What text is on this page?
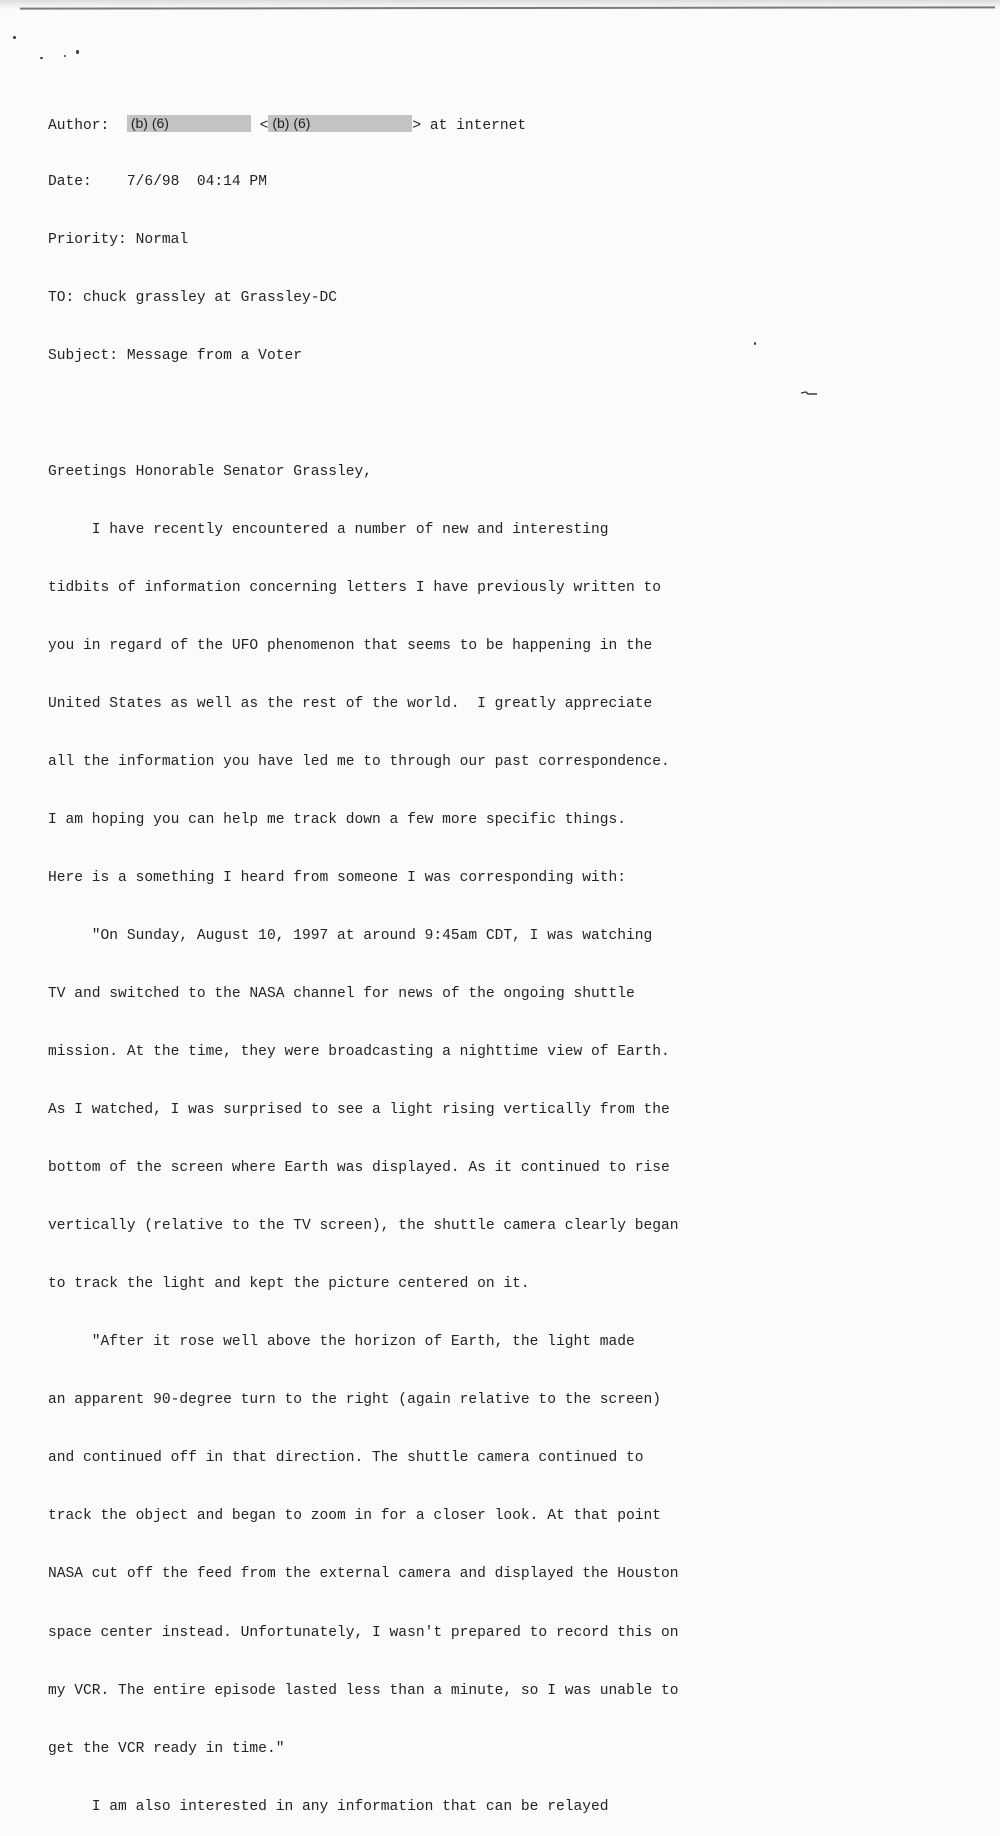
Author: (b) (6)	< (b) (6)	> at internet

Date: 7/6/98  04:14 PM

Priority: Normal

TO: chuck grassley at Grassley-DC

Subject: Message from a Voter

Greetings Honorable Senator Grassley,

I have recently encountered a number of new and interesting

tidbits of information concerning letters I have previously written to

you in regard of the UFO phenomenon that seems to be happening in the

United States as well as the rest of the world.  I greatly appreciate

all the information you have led me to through our past correspondence.

I am hoping you can help me track down a few more specific things.

Here is a something I heard from someone I was corresponding with:

"On Sunday, August 10, 1997 at around 9:45am CDT, I was watching

TV and switched to the NASA channel for news of the ongoing shuttle

mission. At the time, they were broadcasting a nighttime view of Earth.

As I watched, I was surprised to see a light rising vertically from the

bottom of the screen where Earth was displayed. As it continued to rise

vertically (relative to the TV screen), the shuttle camera clearly began

to track the light and kept the picture centered on it.

"After it rose well above the horizon of Earth, the light made

an apparent 90-degree turn to the right (again relative to the screen)

and continued off in that direction. The shuttle camera continued to

track the object and began to zoom in for a closer look. At that point

NASA cut off the feed from the external camera and displayed the Houston

space center instead. Unfortunately, I wasn't prepared to record this on

my VCR. The entire episode lasted less than a minute, so I was unable to

get the VCR ready in time."

I am also interested in any information that can be relayed
